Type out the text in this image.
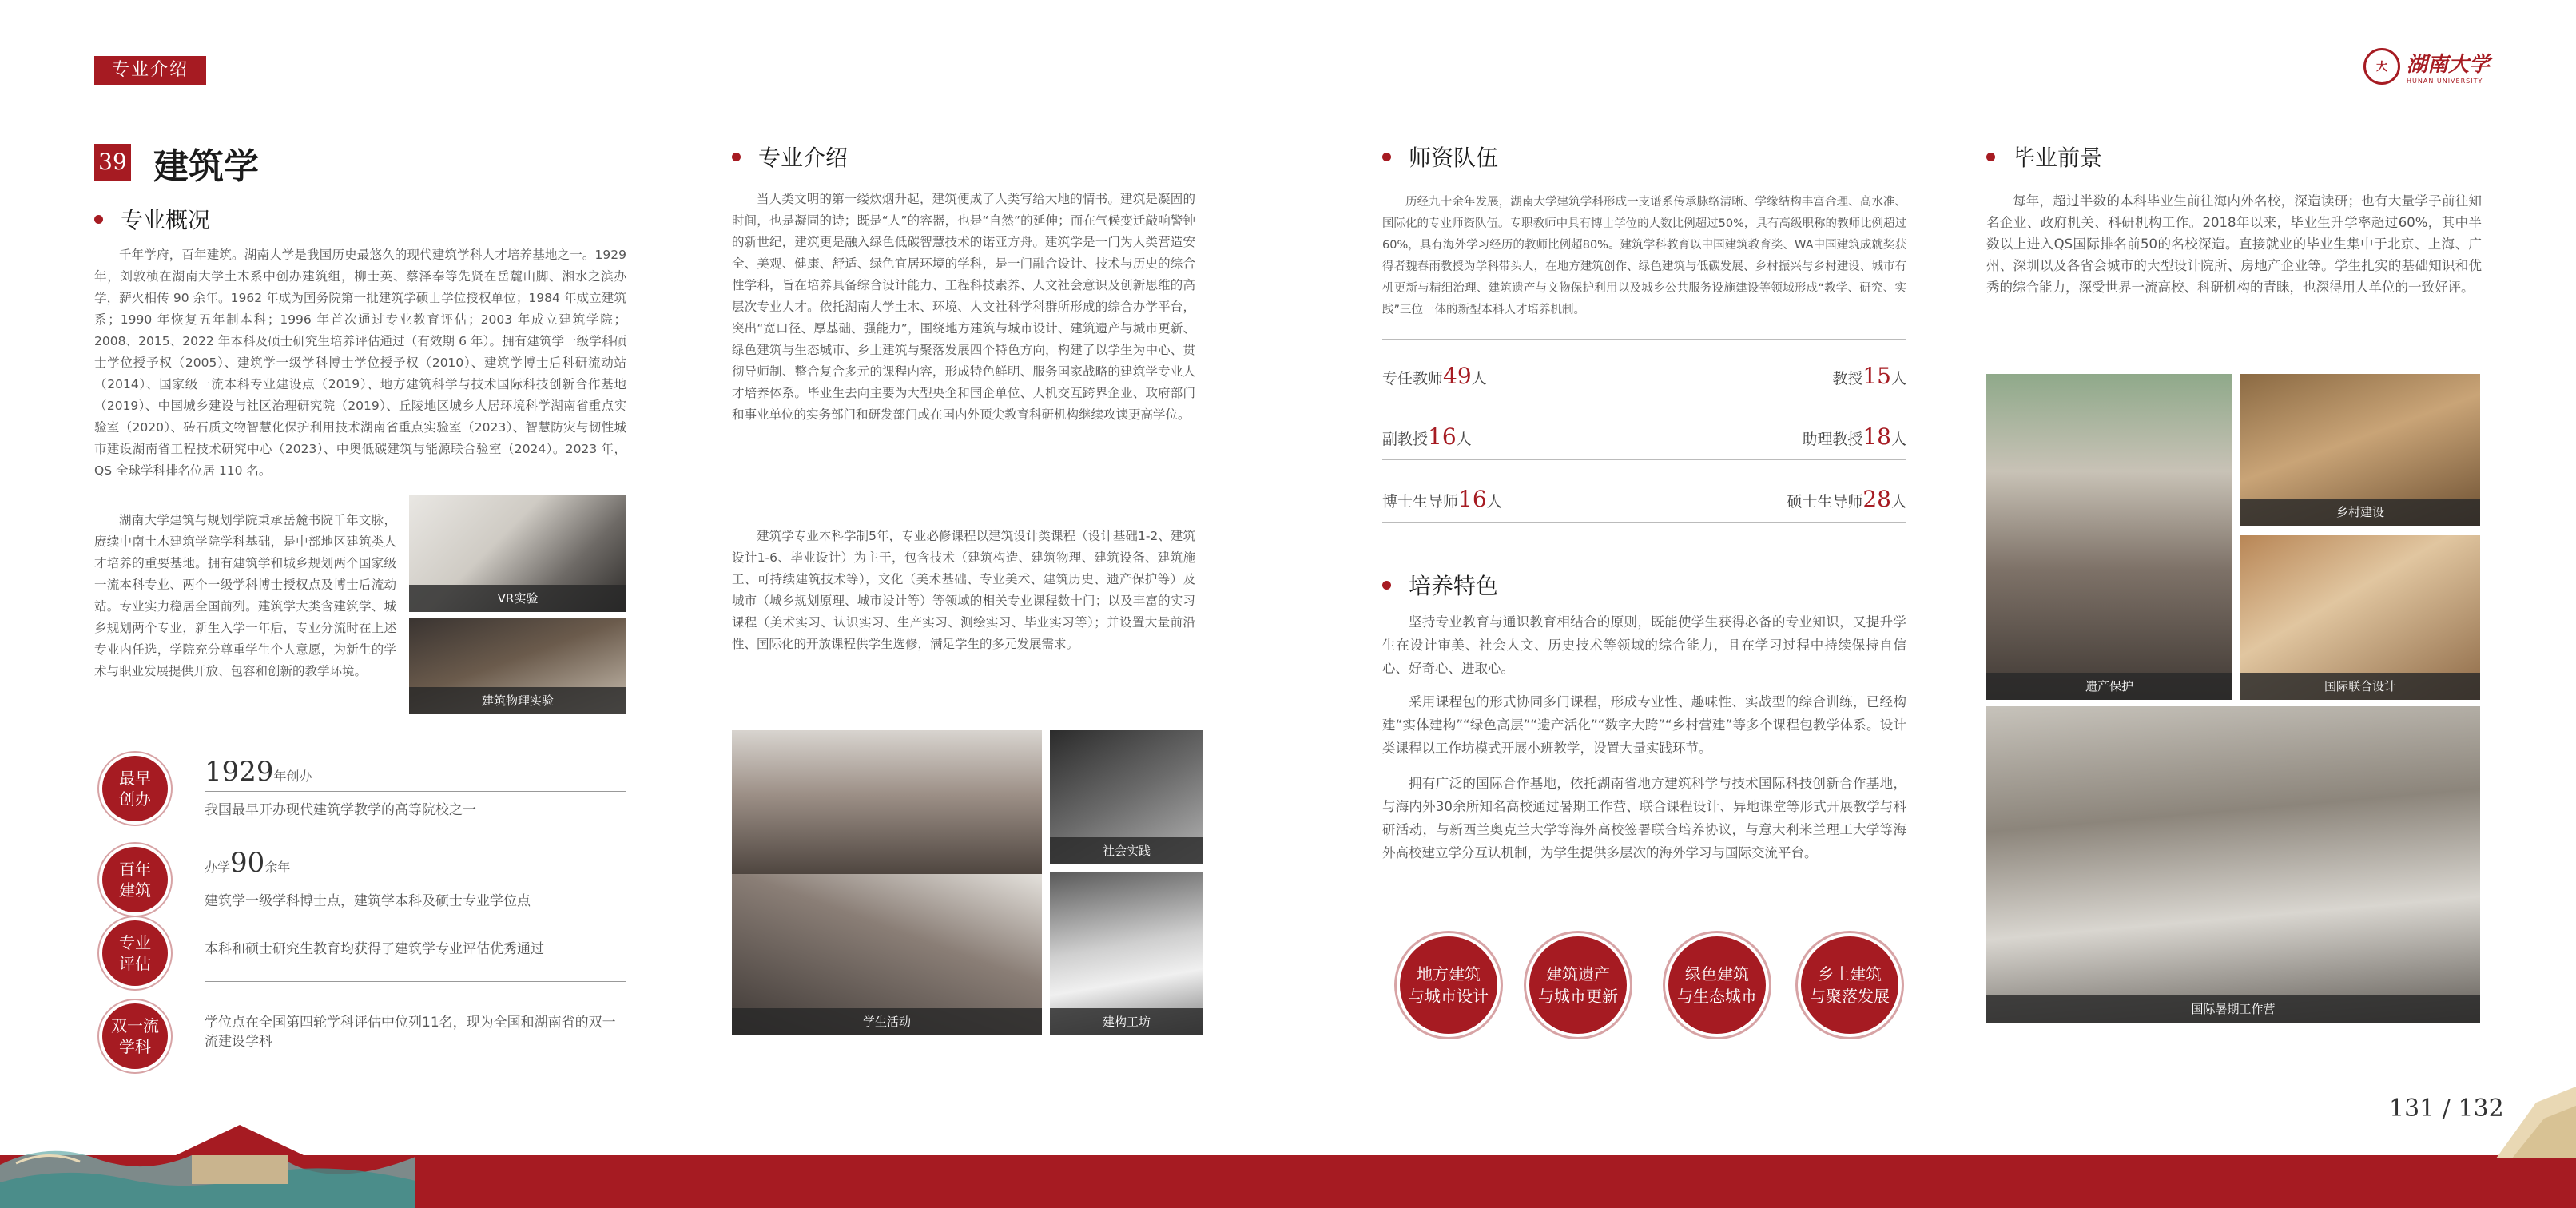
专业介绍	大 湖南大学
HUNAN UNIVERSITY
39 建筑学
专业概况

千年学府，百年建筑。湖南大学是我国历史最悠久的现代建筑学科人才培养基地之一。1929 年，刘敦桢在湖南大学土木系中创办建筑组，柳士英、蔡泽奉等先贤在岳麓山脚、湘水之滨办学，薪火相传 90 余年。1962 年成为国务院第一批建筑学硕士学位授权单位；1984 年成立建筑系；1990 年恢复五年制本科；1996 年首次通过专业教育评估；2003 年成立建筑学院；2008、2015、2022 年本科及硕士研究生培养评估通过（有效期 6 年）。拥有建筑学一级学科硕士学位授予权（2005）、建筑学一级学科博士学位授予权（2010）、建筑学博士后科研流动站（2014）、国家级一流本科专业建设点（2019）、地方建筑科学与技术国际科技创新合作基地（2019）、中国城乡建设与社区治理研究院（2019）、丘陵地区城乡人居环境科学湖南省重点实验室（2020）、砖石质文物智慧化保护利用技术湖南省重点实验室（2023）、智慧防灾与韧性城市建设湖南省工程技术研究中心（2023）、中奥低碳建筑与能源联合验室（2024）。2023 年，QS 全球学科排名位居 110 名。

湖南大学建筑与规划学院秉承岳麓书院千年文脉，赓续中南土木建筑学院学科基础，是中部地区建筑类人才培养的重要基地。拥有建筑学和城乡规划两个国家级一流本科专业、两个一级学科博士授权点及博士后流动站。专业实力稳居全国前列。建筑学大类含建筑学、城乡规划两个专业，新生入学一年后，专业分流时在上述专业内任选，学院充分尊重学生个人意愿，为新生的学术与职业发展提供开放、包容和创新的教学环境。

VR实验
建筑物理实验
最早
创办
1929年创办
我国最早开办现代建筑学教学的高等院校之一
百年
建筑
办学90余年
建筑学一级学科博士点，建筑学本科及硕士专业学位点
专业
评估
本科和硕士研究生教育均获得了建筑学专业评估优秀通过
双一流
学科
学位点在全国第四轮学科评估中位列11名，现为全国和湖南省的双一流建设学科
专业介绍

当人类文明的第一缕炊烟升起，建筑便成了人类写给大地的情书。建筑是凝固的时间，也是凝固的诗；既是“人”的容器，也是“自然”的延伸；而在气候变迁敲响警钟的新世纪，建筑更是融入绿色低碳智慧技术的诺亚方舟。建筑学是一门为人类营造安全、美观、健康、舒适、绿色宜居环境的学科，是一门融合设计、技术与历史的综合性学科，旨在培养具备综合设计能力、工程科技素养、人文社会意识及创新思维的高层次专业人才。依托湖南大学土木、环境、人文社科学科群所形成的综合办学平台，突出“宽口径、厚基础、强能力”，围绕地方建筑与城市设计、建筑遗产与城市更新、绿色建筑与生态城市、乡土建筑与聚落发展四个特色方向，构建了以学生为中心、贯彻导师制、整合复合多元的课程内容，形成特色鲜明、服务国家战略的建筑学专业人才培养体系。毕业生去向主要为大型央企和国企单位、人机交互跨界企业、政府部门和事业单位的实务部门和研发部门或在国内外顶尖教育科研机构继续攻读更高学位。

建筑学专业本科学制5年，专业必修课程以建筑设计类课程（设计基础1-2、建筑设计1-6、毕业设计）为主干，包含技术（建筑构造、建筑物理、建筑设备、建筑施工、可持续建筑技术等），文化（美术基础、专业美术、建筑历史、遗产保护等）及城市（城乡规划原理、城市设计等）等领域的相关专业课程数十门；以及丰富的实习课程（美术实习、认识实习、生产实习、测绘实习、毕业实习等）；并设置大量前沿性、国际化的开放课程供学生选修，满足学生的多元发展需求。

社会实践
学生活动	建构工坊
师资队伍

历经九十余年发展，湖南大学建筑学科形成一支谱系传承脉络清晰、学缘结构丰富合理、高水准、国际化的专业师资队伍。专职教师中具有博士学位的人数比例超过50%，具有高级职称的教师比例超过60%，具有海外学习经历的教师比例超80%。建筑学科教育以中国建筑教育奖、WA中国建筑成就奖获得者魏春雨教授为学科带头人，在地方建筑创作、绿色建筑与低碳发展、乡村振兴与乡村建设、城市有机更新与精细治理、建筑遗产与文物保护利用以及城乡公共服务设施建设等领域形成“教学、研究、实践”三位一体的新型本科人才培养机制。

专任教师49人	教授15人
副教授16人	助理教授18人
博士生导师16人	硕士生导师28人
培养特色

坚持专业教育与通识教育相结合的原则，既能使学生获得必备的专业知识，又提升学生在设计审美、社会人文、历史技术等领域的综合能力，且在学习过程中持续保持自信心、好奇心、进取心。

采用课程包的形式协同多门课程，形成专业性、趣味性、实战型的综合训练，已经构建“实体建构”“绿色高层”“遗产活化”“数字大跨”“乡村营建”等多个课程包教学体系。设计类课程以工作坊模式开展小班教学，设置大量实践环节。

拥有广泛的国际合作基地，依托湖南省地方建筑科学与技术国际科技创新合作基地，与海内外30余所知名高校通过暑期工作营、联合课程设计、异地课堂等形式开展教学与科研活动，与新西兰奥克兰大学等海外高校签署联合培养协议，与意大利米兰理工大学等海外高校建立学分互认机制，为学生提供多层次的海外学习与国际交流平台。

地方建筑
与城市设计
建筑遗产
与城市更新
绿色建筑
与生态城市
乡土建筑
与聚落发展
毕业前景

每年，超过半数的本科毕业生前往海内外名校，深造读研；也有大量学子前往知名企业、政府机关、科研机构工作。2018年以来，毕业生升学率超过60%，其中半数以上进入QS国际排名前50的名校深造。直接就业的毕业生集中于北京、上海、广州、深圳以及各省会城市的大型设计院所、房地产企业等。学生扎实的基础知识和优秀的综合能力，深受世界一流高校、科研机构的青睐，也深得用人单位的一致好评。

遗产保护
乡村建设
国际联合设计
国际暑期工作营
131 / 132
